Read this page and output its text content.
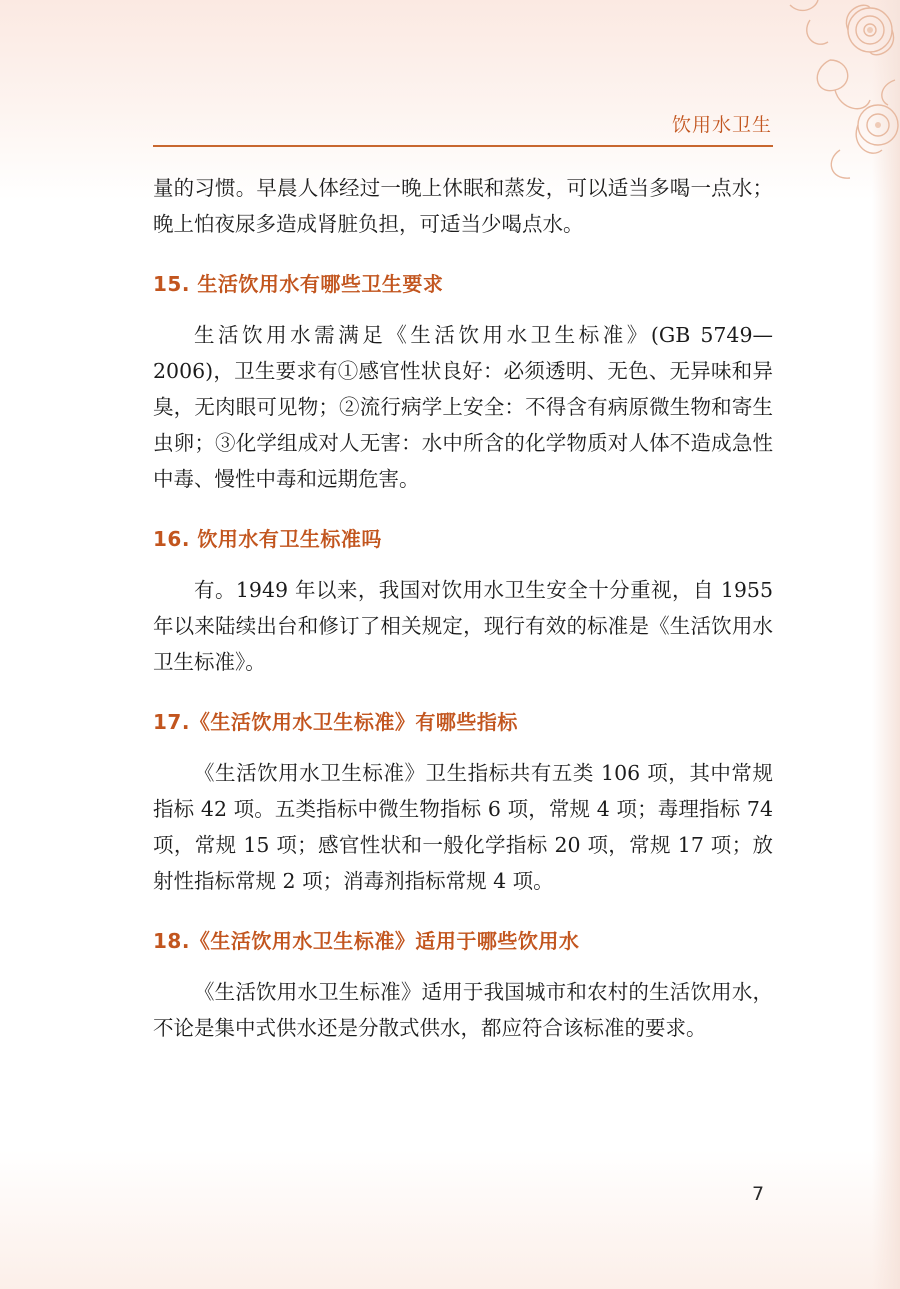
饮用水卫生

量的习惯。早晨人体经过一晚上休眠和蒸发，可以适当多喝一点水；晚上怕夜尿多造成肾脏负担，可适当少喝点水。

15. 生活饮用水有哪些卫生要求

生活饮用水需满足《生活饮用水卫生标准》(GB 5749—2006)，卫生要求有①感官性状良好：必须透明、无色、无异味和异臭，无肉眼可见物；②流行病学上安全：不得含有病原微生物和寄生虫卵；③化学组成对人无害：水中所含的化学物质对人体不造成急性中毒、慢性中毒和远期危害。

16. 饮用水有卫生标准吗

有。1949 年以来，我国对饮用水卫生安全十分重视，自 1955 年以来陆续出台和修订了相关规定，现行有效的标准是《生活饮用水卫生标准》。

17.《生活饮用水卫生标准》有哪些指标

《生活饮用水卫生标准》卫生指标共有五类 106 项，其中常规指标 42 项。五类指标中微生物指标 6 项，常规 4 项；毒理指标 74 项，常规 15 项；感官性状和一般化学指标 20 项，常规 17 项；放射性指标常规 2 项；消毒剂指标常规 4 项。

18.《生活饮用水卫生标准》适用于哪些饮用水

《生活饮用水卫生标准》适用于我国城市和农村的生活饮用水，不论是集中式供水还是分散式供水，都应符合该标准的要求。

7
